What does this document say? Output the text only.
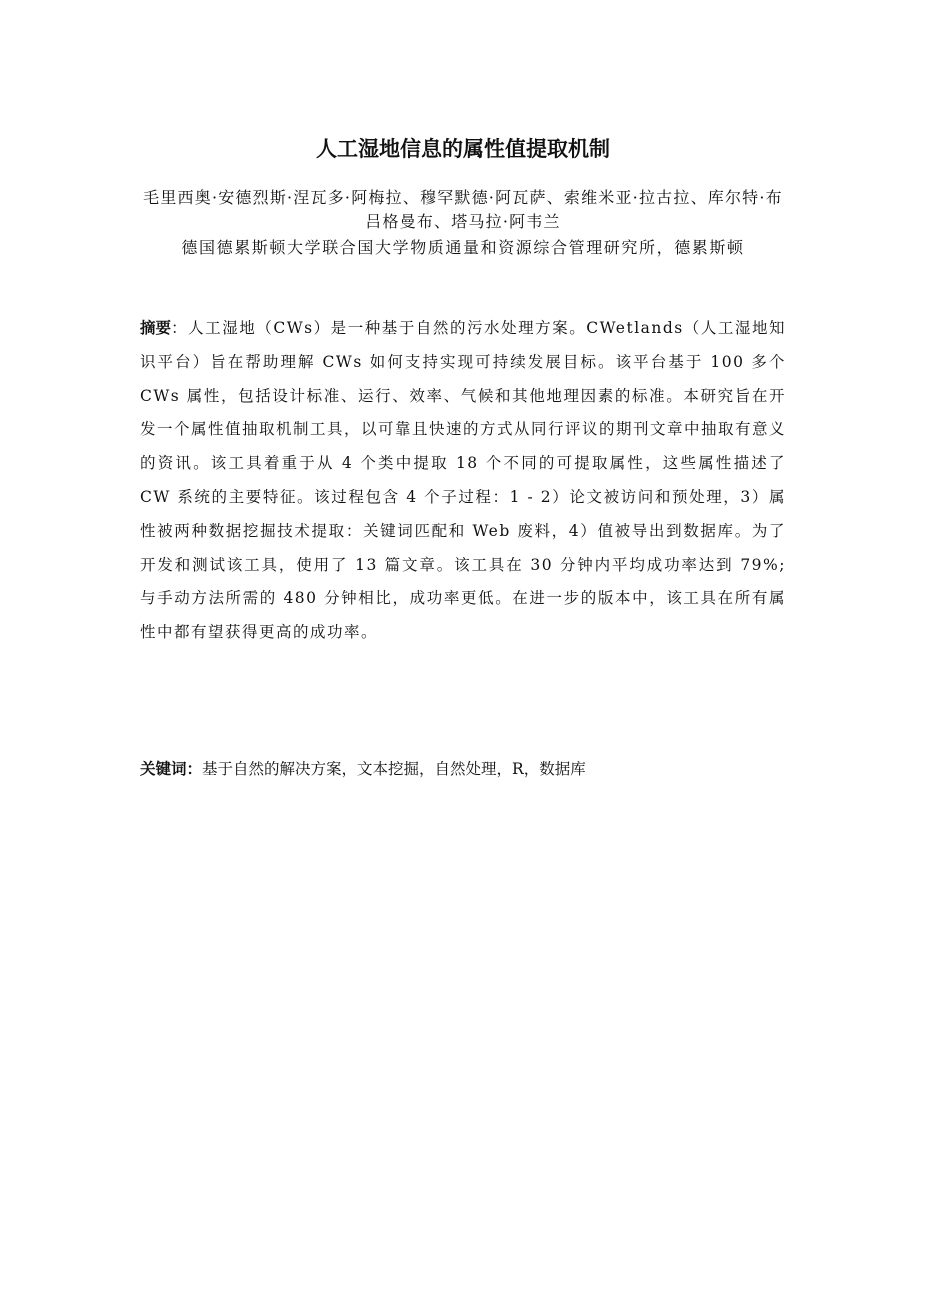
人工湿地信息的属性值提取机制

毛里西奥·安德烈斯·涅瓦多·阿梅拉、穆罕默德·阿瓦萨、索维米亚·拉古拉、库尔特·布吕格曼布、塔马拉·阿韦兰

德国德累斯顿大学联合国大学物质通量和资源综合管理研究所，德累斯顿

摘要：人工湿地（CWs）是一种基于自然的污水处理方案。CWetlands（人工湿地知识平台）旨在帮助理解 CWs 如何支持实现可持续发展目标。该平台基于 100 多个 CWs 属性，包括设计标准、运行、效率、气候和其他地理因素的标准。本研究旨在开发一个属性值抽取机制工具，以可靠且快速的方式从同行评议的期刊文章中抽取有意义的资讯。该工具着重于从 4 个类中提取 18 个不同的可提取属性，这些属性描述了 CW 系统的主要特征。该过程包含 4 个子过程：1 - 2）论文被访问和预处理，3）属性被两种数据挖掘技术提取：关键词匹配和 Web 废料，4）值被导出到数据库。为了开发和测试该工具，使用了 13 篇文章。该工具在 30 分钟内平均成功率达到 79%;与手动方法所需的 480 分钟相比，成功率更低。在进一步的版本中，该工具在所有属性中都有望获得更高的成功率。

关键词：基于自然的解决方案，文本挖掘，自然处理，R，数据库
